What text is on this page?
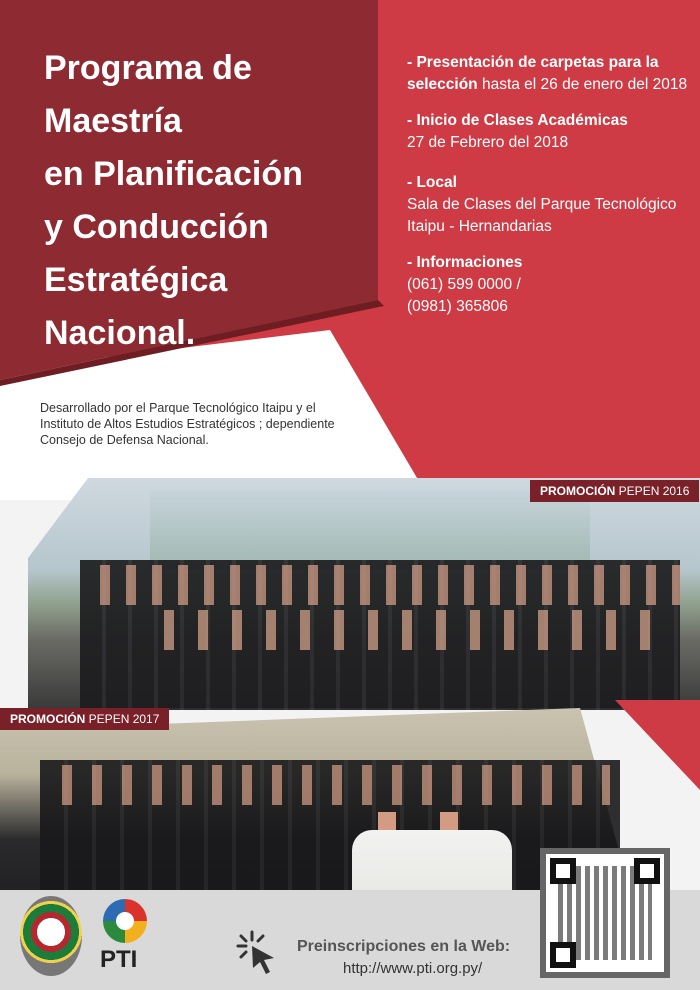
Programa de
Maestría
en Planificación
y Conducción
Estratégica
Nacional.
- Presentación de carpetas para la selección hasta el 26 de enero del 2018
- Inicio de Clases Académicas
27 de Febrero del 2018
- Local
Sala de Clases del Parque Tecnológico Itaipu - Hernandarias
- Informaciones
(061) 599 0000 /
(0981) 365806
Desarrollado por el Parque Tecnológico Itaipu y el Instituto de Altos Estudios Estratégicos ; dependiente Consejo de Defensa Nacional.
PROMOCIÓN PEPEN 2016
PROMOCIÓN PEPEN 2017
PTI	Preinscripciones en la Web:
http://www.pti.org.py/
